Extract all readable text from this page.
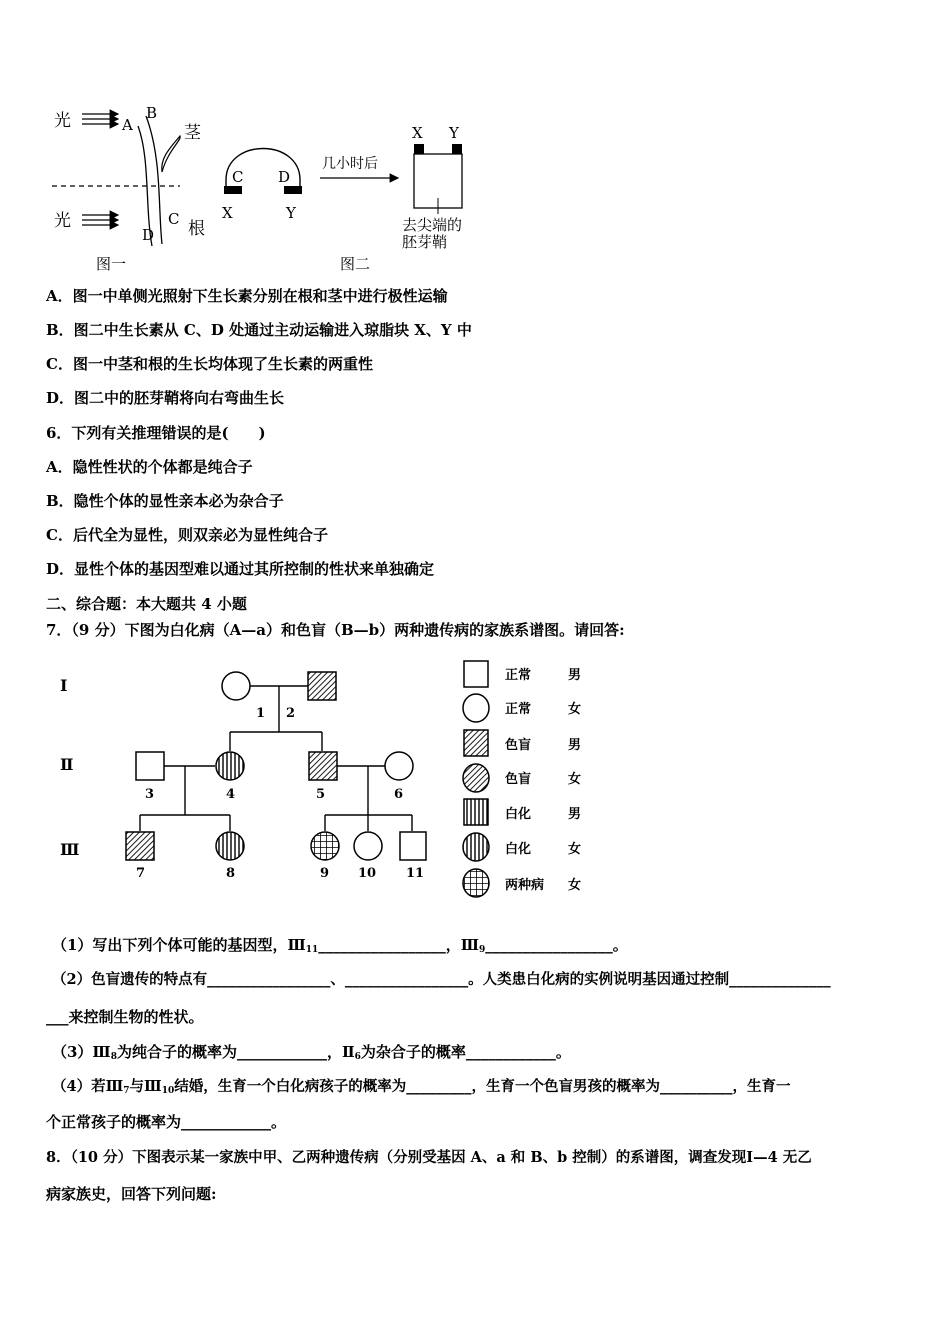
光	A
B
茎
光	C
D 根
图一
C D
X	Y
几小时后
X Y
去尖端的
胚芽鞘
图二
A．图一中单侧光照射下生长素分别在根和茎中进行极性运输
B．图二中生长素从 C、D 处通过主动运输进入琼脂块 X、Y 中
C．图一中茎和根的生长均体现了生长素的两重性
D．图二中的胚芽鞘将向右弯曲生长
6．下列有关推理错误的是(　　)
A．隐性性状的个体都是纯合子
B．隐性个体的显性亲本必为杂合子
C．后代全为显性，则双亲必为显性纯合子
D．显性个体的基因型难以通过其所控制的性状来单独确定
二、综合题：本大题共 4 小题
7．（9 分）下图为白化病（A—a）和色盲（B—b）两种遗传病的家族系谱图。请回答:
Ⅰ
Ⅱ
Ⅲ
1 2
3	4	5	6
7	8	9 10 11
正常	男
正常	女
色盲	男
色盲	女
白化	男
白化	女
两种病 女
（1）写出下列个体可能的基因型，$Ⅲ_{11}\_\_\_\_\_\_\_\_\_\_\_\_\_\_\_\_\_$，$Ⅲ_9\_\_\_\_\_\_\_\_\_\_\_\_\_\_\_\_\_$。
（2）色盲遗传的特点有_________________、_________________。人类患白化病的实例说明基因通过控制______________
___来控制生物的性状。
$(3)Ⅲ_8$为纯合子的概率为____________，$Ⅱ_6$为杂合子的概率____________。
（4）若$Ⅲ_7$与$Ⅲ_{10}$结婚，生育一个白化病孩子的概率为_________，生育一个色盲男孩的概率为__________，生育一
个正常孩子的概率为____________。
8．（10 分）下图表示某一家族中甲、乙两种遗传病（分别受基因 A、a 和 B、b 控制）的系谱图，调查发现Ⅰ—4 无乙
病家族史，回答下列问题:
